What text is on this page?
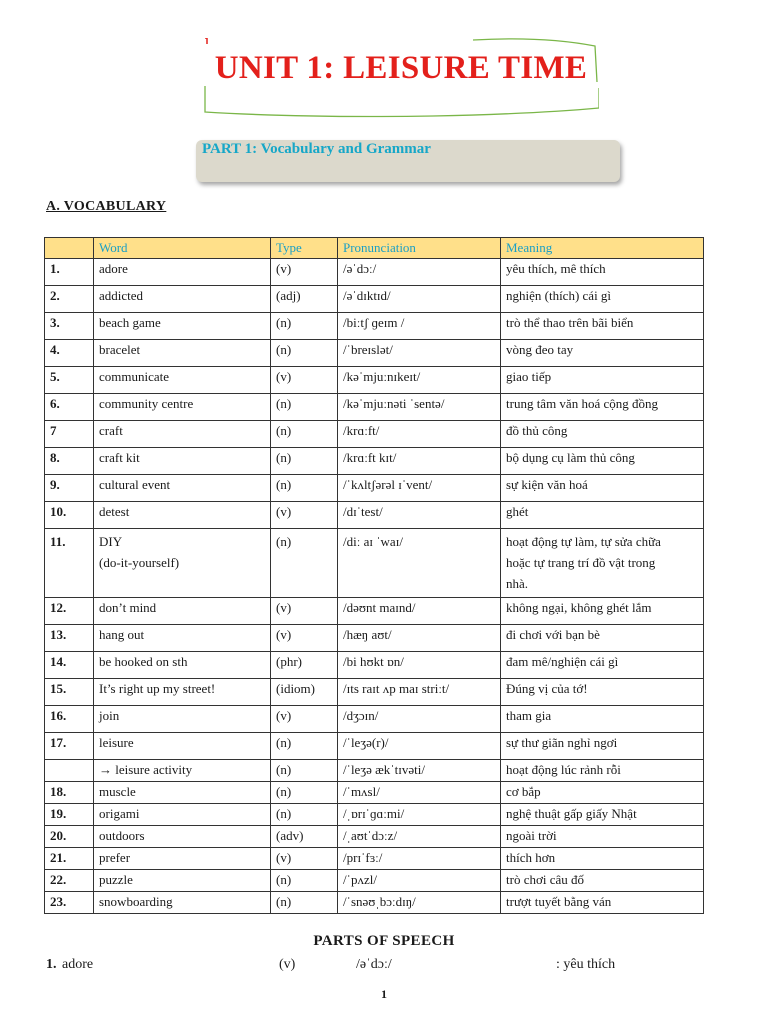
UNIT 1: LEISURE TIME
PART 1: Vocabulary and Grammar
A. VOCABULARY
	Word	Type	Pronunciation	Meaning
1.	adore	(v)	/əˈdɔː/	yêu thích, mê thích
2.	addicted	(adj)	/əˈdɪktɪd/	nghiện (thích) cái gì
3.	beach game	(n)	/biːtʃ ɡeɪm /	trò thể thao trên bãi biển
4.	bracelet	(n)	/ˈbreɪslət/	vòng đeo tay
5.	communicate	(v)	/kəˈmjuːnɪkeɪt/	giao tiếp
6.	community centre	(n)	/kəˈmjuːnəti ˈsentə/	trung tâm văn hoá cộng đồng
7	craft	(n)	/krɑːft/	đồ thủ công
8.	craft kit	(n)	/krɑːft kɪt/	bộ dụng cụ làm thủ công
9.	cultural event	(n)	/ˈkʌltʃərəl ɪˈvent/	sự kiện văn hoá
10.	detest	(v)	/dɪˈtest/	ghét
11.	DIY
(do-it-yourself)	(n)	/diː aɪ ˈwaɪ/	hoạt động tự làm, tự sửa chữa
hoặc tự trang trí đồ vật trong
nhà.
12.	don’t mind	(v)	/dəʊnt maɪnd/	không ngại, không ghét lắm
13.	hang out	(v)	/hæŋ aʊt/	đi chơi với bạn bè
14.	be hooked on sth	(phr)	/bi hʊkt ɒn/	đam mê/nghiện cái gì
15.	It’s right up my street!	(idiom)	/ɪts raɪt ʌp maɪ striːt/	Đúng vị của tớ!
16.	join	(v)	/dʒɔɪn/	tham gia
17.	leisure	(n)	/ˈleʒə(r)/	sự thư giãn nghỉ ngơi
	→ leisure activity	(n)	/ˈleʒə ækˈtɪvəti/	hoạt động lúc rảnh rỗi
18.	muscle	(n)	/ˈmʌsl/	cơ bắp
19.	origami	(n)	/ˌɒrɪˈɡɑːmi/	nghệ thuật gấp giấy Nhật
20.	outdoors	(adv)	/ˌaʊtˈdɔːz/	ngoài trời
21.	prefer	(v)	/prɪˈfɜː/	thích hơn
22.	puzzle	(n)	/ˈpʌzl/	trò chơi câu đố
23.	snowboarding	(n)	/ˈsnəʊˌbɔːdɪŋ/	trượt tuyết bằng ván
PARTS OF SPEECH
1. adore	(v)	/əˈdɔː/	: yêu thích
1
